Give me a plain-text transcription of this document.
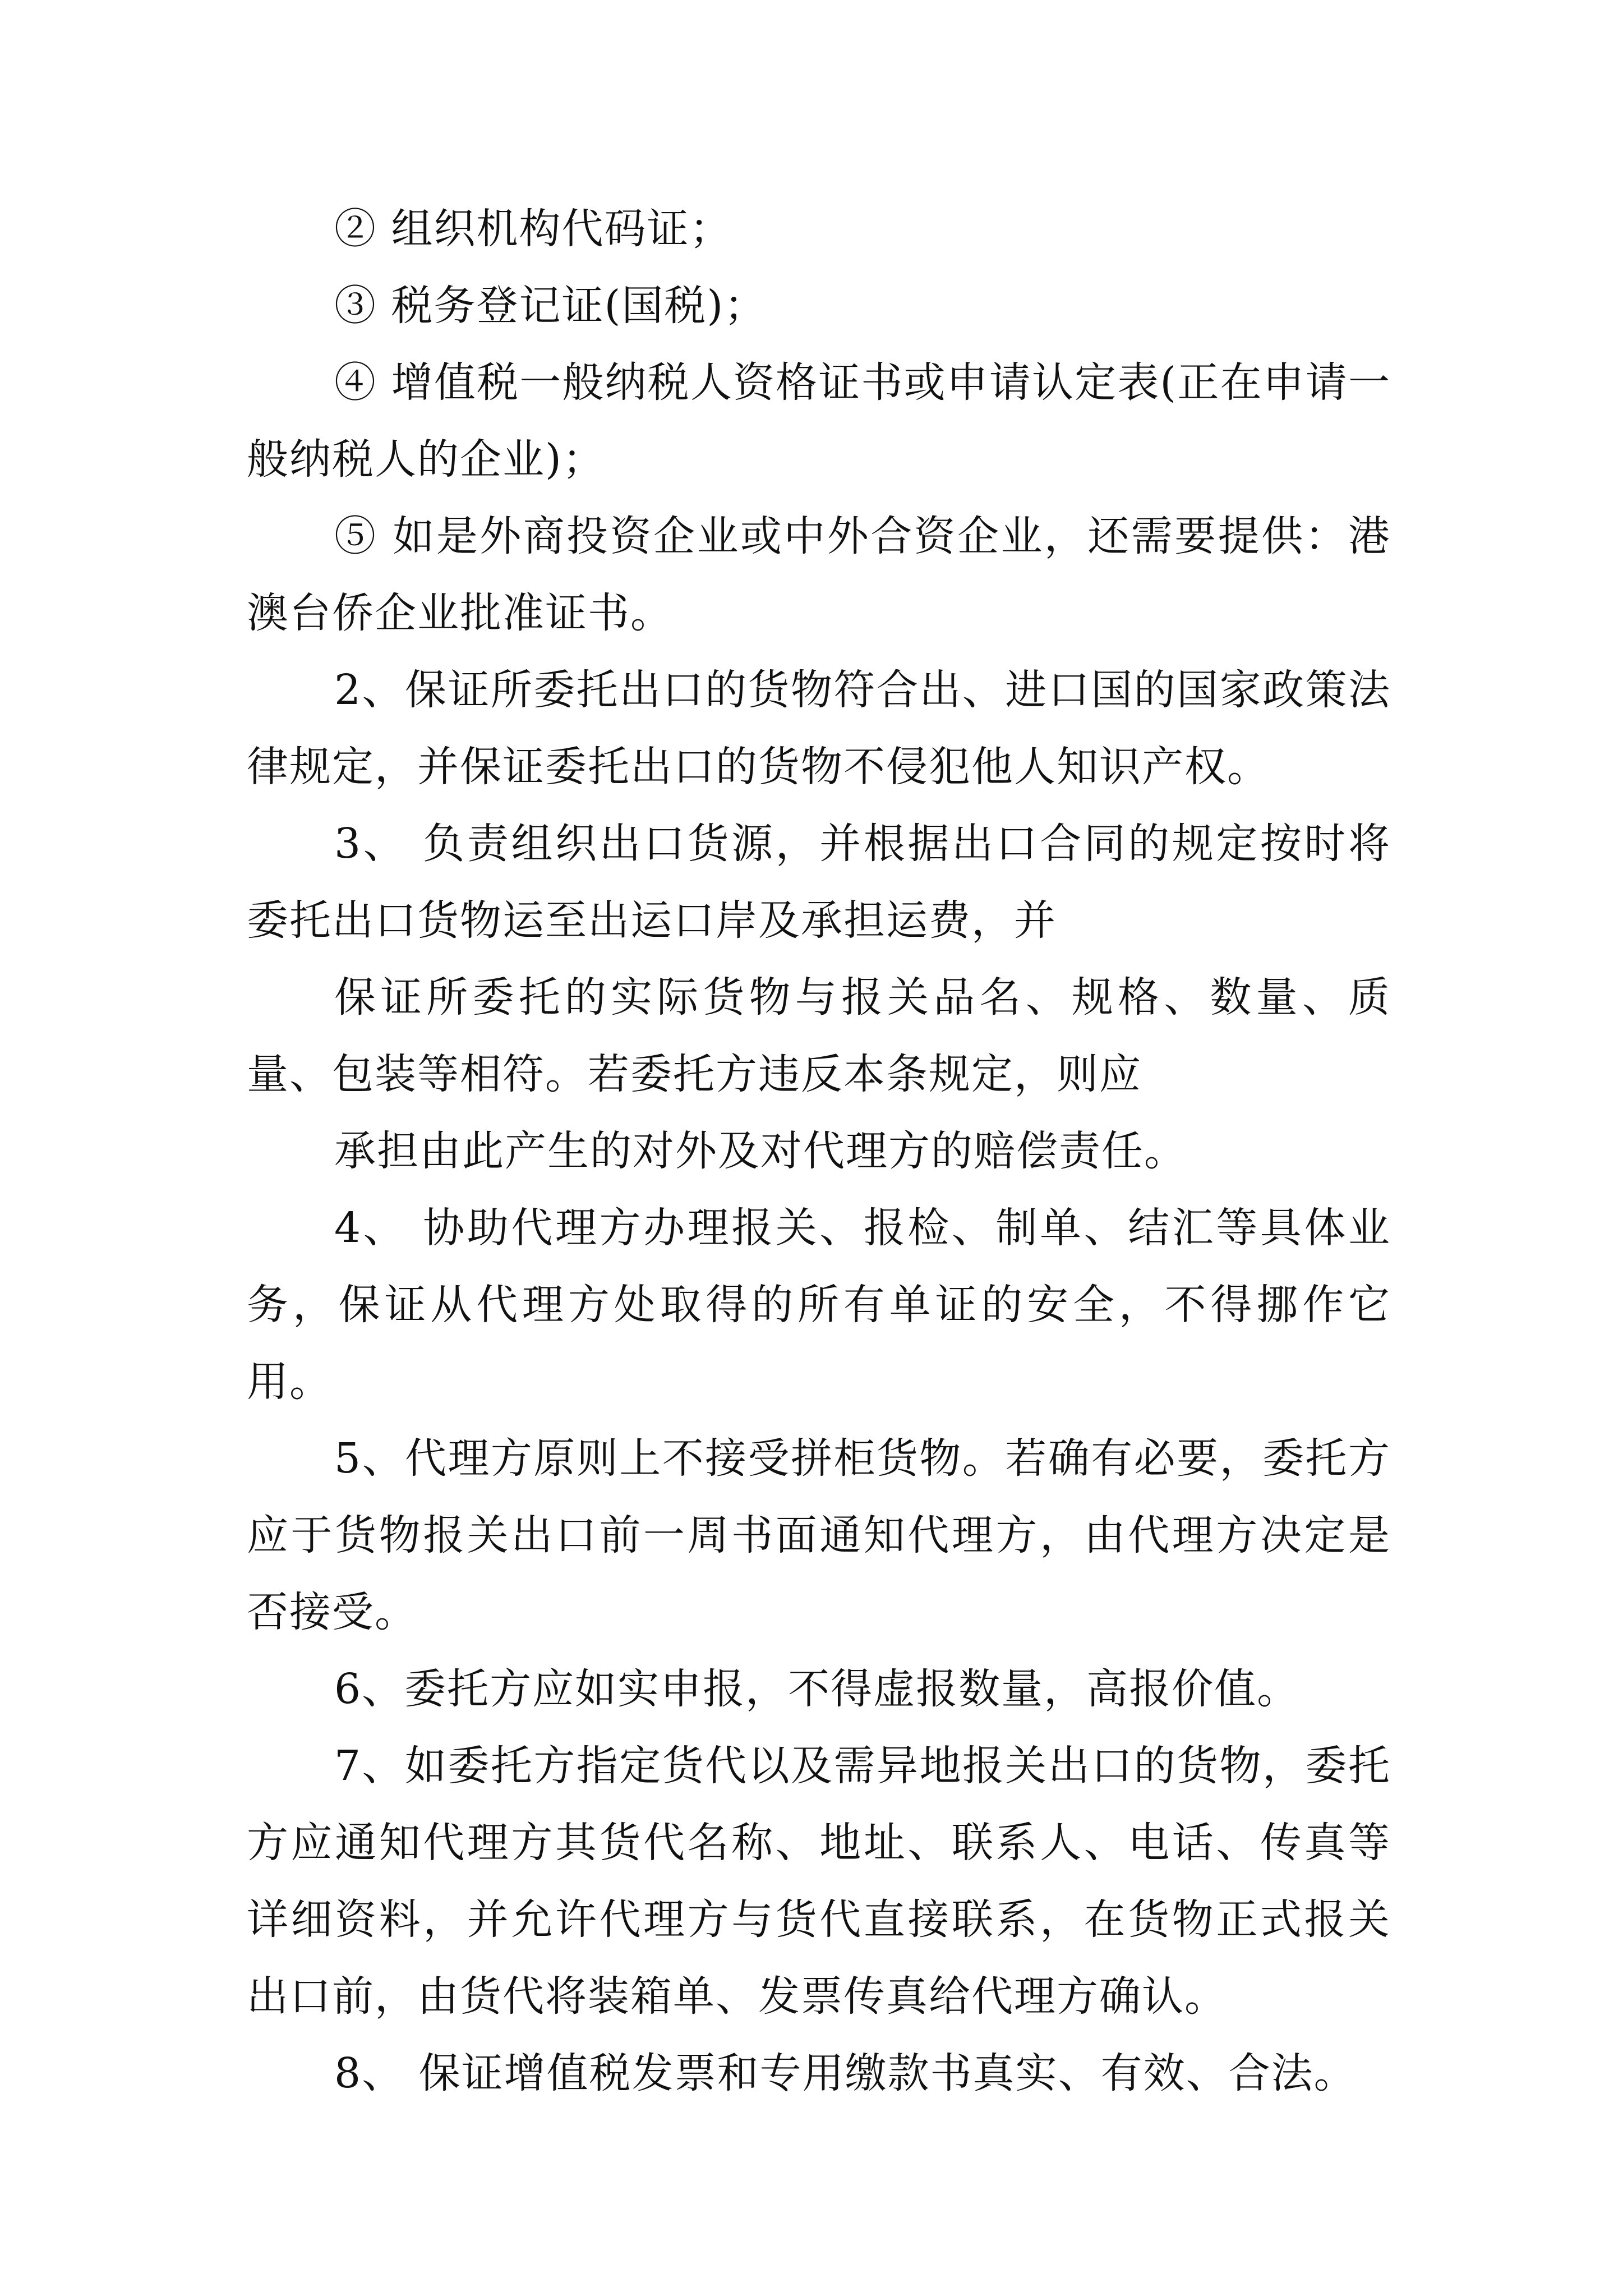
② 组织机构代码证；

③ 税务登记证(国税)；

④ 增值税一般纳税人资格证书或申请认定表(正在申请一般纳税人的企业)；

⑤ 如是外商投资企业或中外合资企业，还需要提供：港澳台侨企业批准证书。

2、保证所委托出口的货物符合出、进口国的国家政策法律规定，并保证委托出口的货物不侵犯他人知识产权。

3、 负责组织出口货源，并根据出口合同的规定按时将委托出口货物运至出运口岸及承担运费，并

保证所委托的实际货物与报关品名、规格、数量、质量、包装等相符。若委托方违反本条规定，则应

承担由此产生的对外及对代理方的赔偿责任。

4、 协助代理方办理报关、报检、制单、结汇等具体业务，保证从代理方处取得的所有单证的安全，不得挪作它用。

5、代理方原则上不接受拼柜货物。若确有必要，委托方应于货物报关出口前一周书面通知代理方，由代理方决定是否接受。

6、委托方应如实申报，不得虚报数量，高报价值。

7、如委托方指定货代以及需异地报关出口的货物，委托方应通知代理方其货代名称、地址、联系人、电话、传真等详细资料，并允许代理方与货代直接联系，在货物正式报关出口前，由货代将装箱单、发票传真给代理方确认。

8、 保证增值税发票和专用缴款书真实、有效、合法。
